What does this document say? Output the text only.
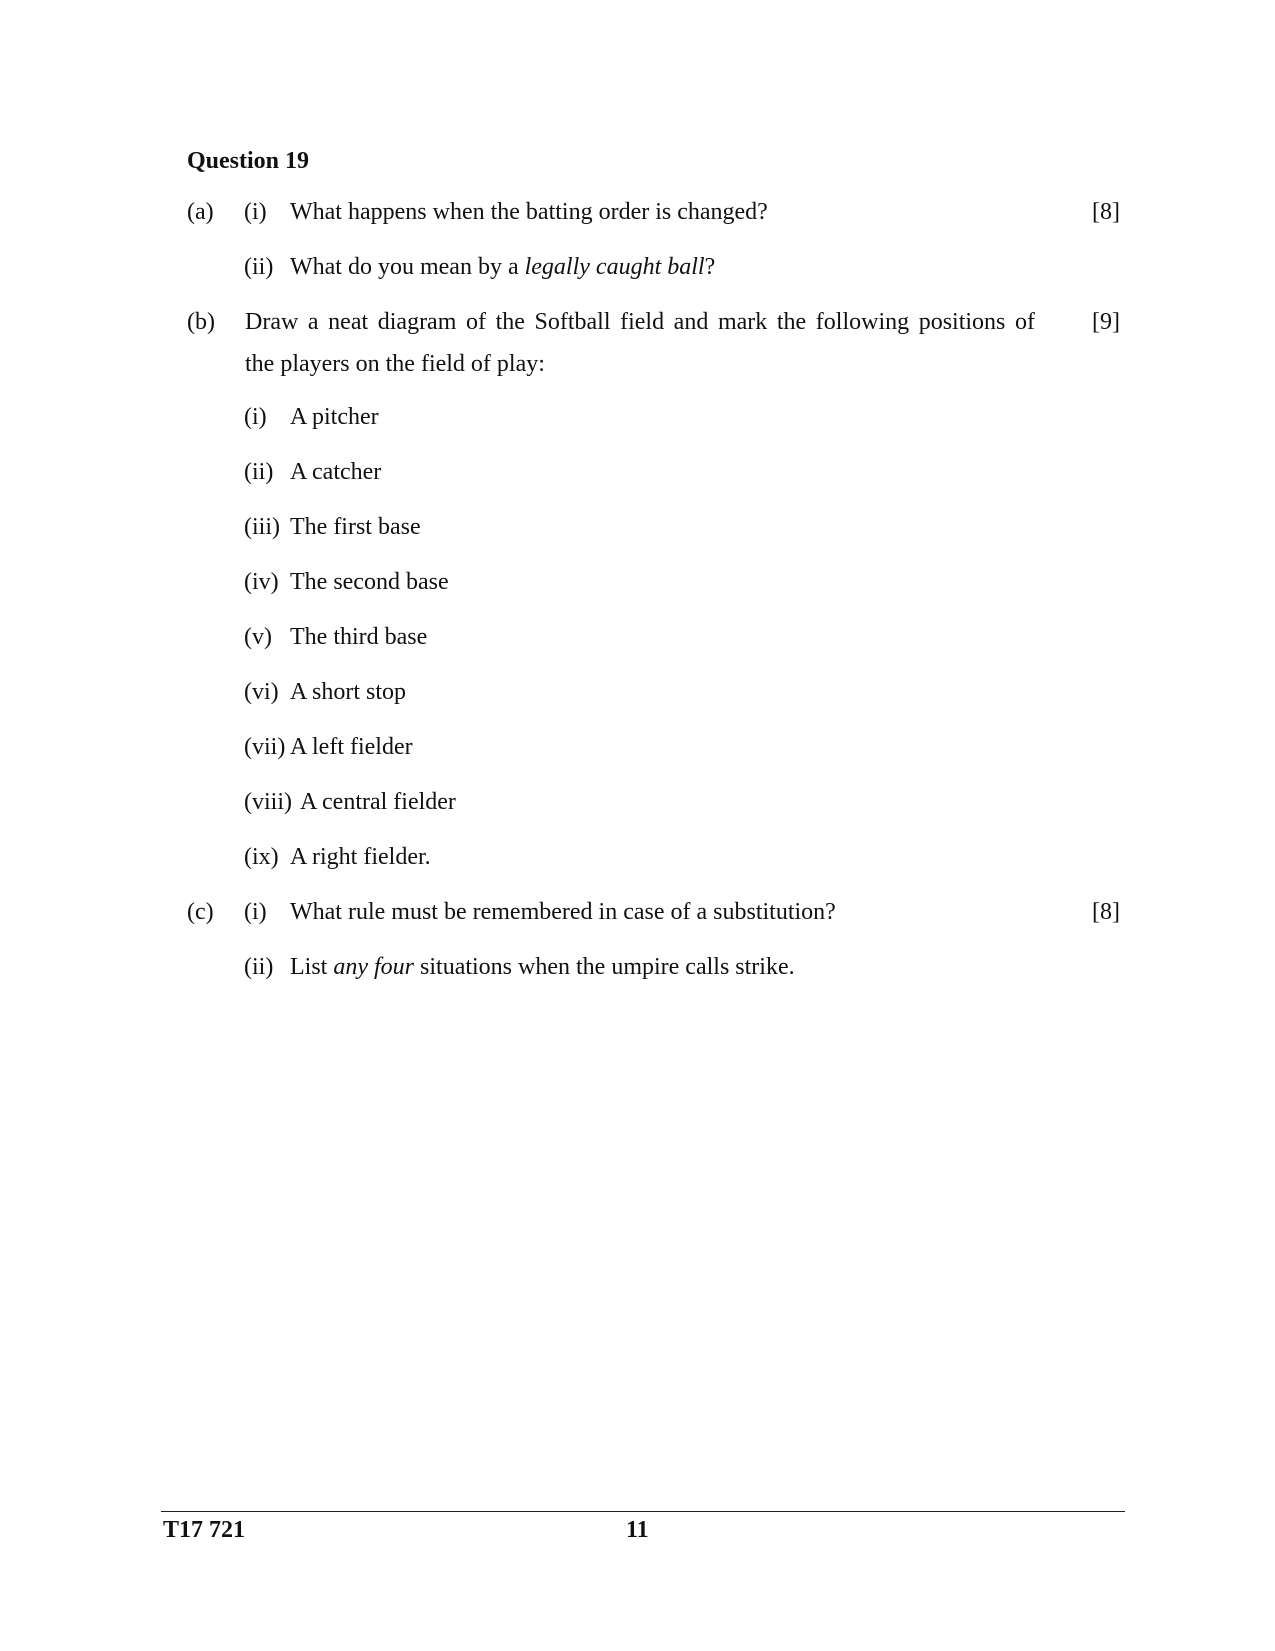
Question 19
(a) (i) What happens when the batting order is changed?	[8]
(ii) What do you mean by a legally caught ball?
(b) Draw a neat diagram of the Softball field and mark the following positions of [9]
the players on the field of play:
(i) A pitcher
(ii) A catcher
(iii) The first base
(iv) The second base
(v) The third base
(vi) A short stop
(vii) A left fielder
(viii) A central fielder
(ix) A right fielder.
(c) (i) What rule must be remembered in case of a substitution?	[8]
(ii) List any four situations when the umpire calls strike.
T17 721	11
